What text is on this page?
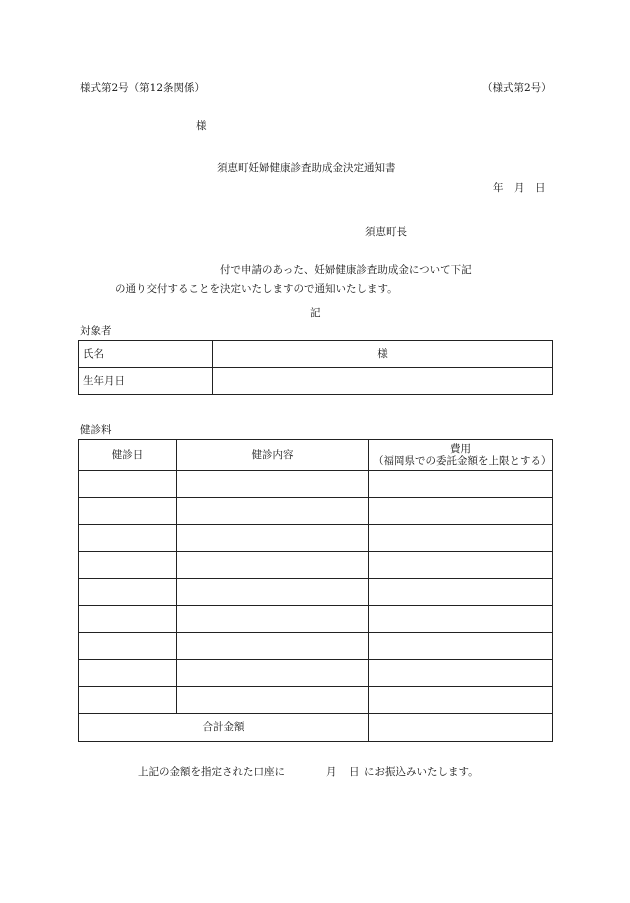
様式第2号（第12条関係）	（様式第2号）
様
須恵町妊婦健康診査助成金決定通知書
年　月　日
須恵町長
付で申請のあった、妊婦健康診査助成金について下記
の通り交付することを決定いたしますので通知いたします。
記
対象者
氏名	様
生年月日	
健診料
健診日	健診内容	費用
（福岡県での委託金額を上限とする）

合計金額		
上記の金額を指定された口座に	月 日 にお振込みいたします。
